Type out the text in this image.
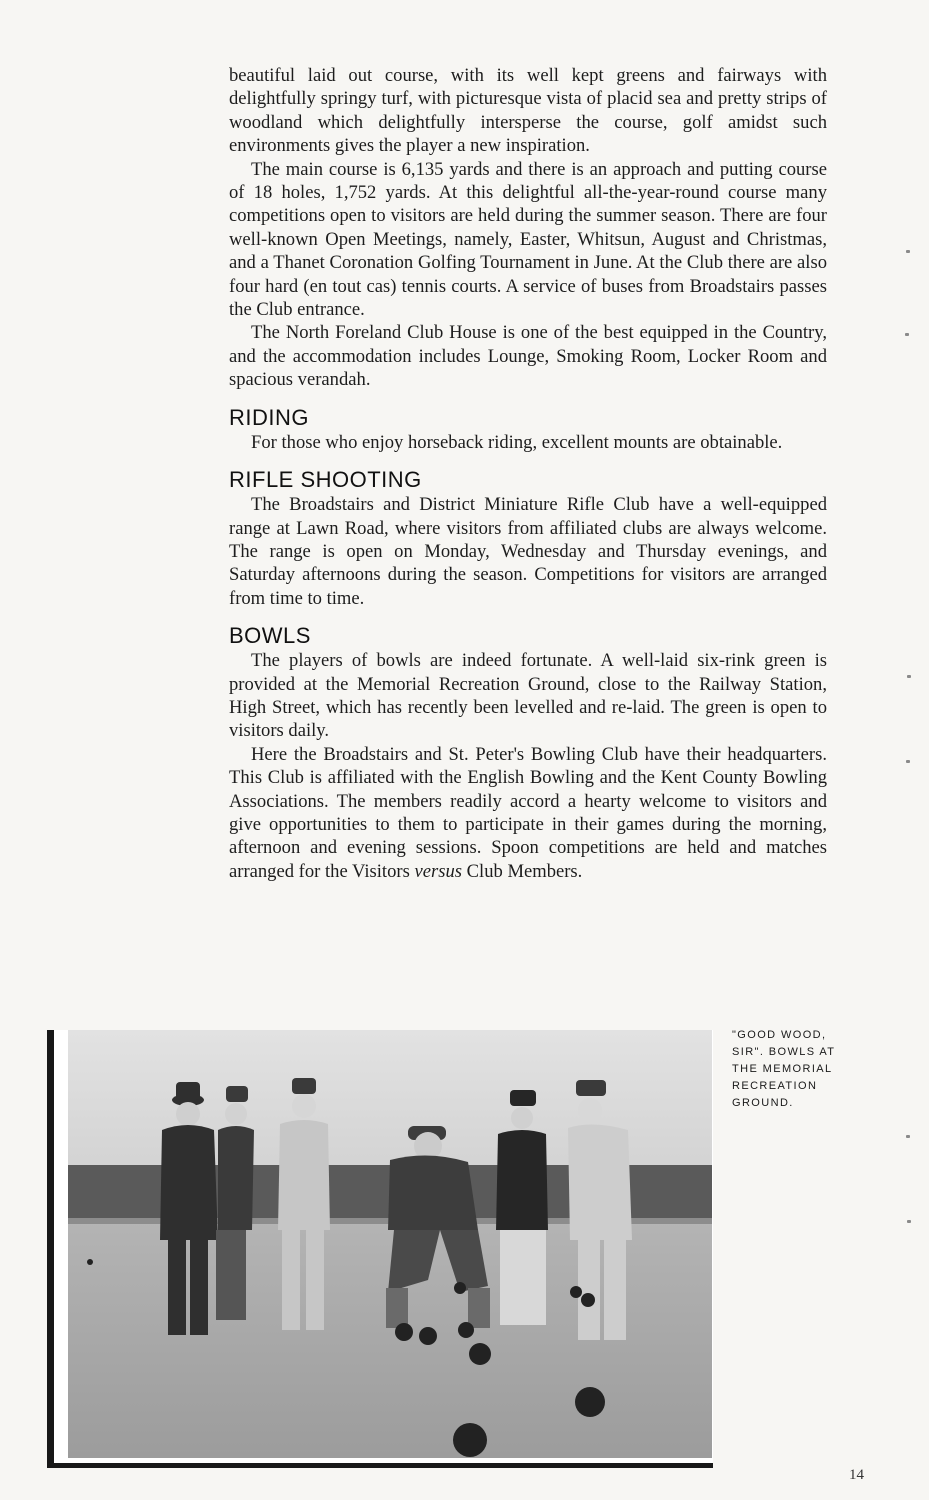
beautiful laid out course, with its well kept greens and fairways with delightfully springy turf, with picturesque vista of placid sea and pretty strips of woodland which delightfully intersperse the course, golf amidst such environments gives the player a new inspiration.

The main course is 6,135 yards and there is an approach and putting course of 18 holes, 1,752 yards. At this delightful all-the-year-round course many competitions open to visitors are held during the summer season. There are four well-known Open Meetings, namely, Easter, Whitsun, August and Christmas, and a Thanet Coronation Golfing Tournament in June. At the Club there are also four hard (en tout cas) tennis courts. A service of buses from Broadstairs passes the Club entrance.

The North Foreland Club House is one of the best equipped in the Country, and the accommodation includes Lounge, Smoking Room, Locker Room and spacious verandah.

RIDING

For those who enjoy horseback riding, excellent mounts are obtainable.

RIFLE SHOOTING

The Broadstairs and District Miniature Rifle Club have a well-equipped range at Lawn Road, where visitors from affiliated clubs are always welcome. The range is open on Monday, Wednesday and Thursday evenings, and Saturday afternoons during the season. Competitions for visitors are arranged from time to time.

BOWLS

The players of bowls are indeed fortunate. A well-laid six-rink green is provided at the Memorial Recreation Ground, close to the Railway Station, High Street, which has recently been levelled and re-laid. The green is open to visitors daily.

Here the Broadstairs and St. Peter's Bowling Club have their headquarters. This Club is affiliated with the English Bowling and the Kent County Bowling Associations. The members readily accord a hearty welcome to visitors and give opportunities to them to participate in their games during the morning, afternoon and evening sessions. Spoon competitions are held and matches arranged for the Visitors versus Club Members.

"GOOD WOOD, SIR". BOWLS AT THE MEMORIAL RECREATION GROUND.
14
